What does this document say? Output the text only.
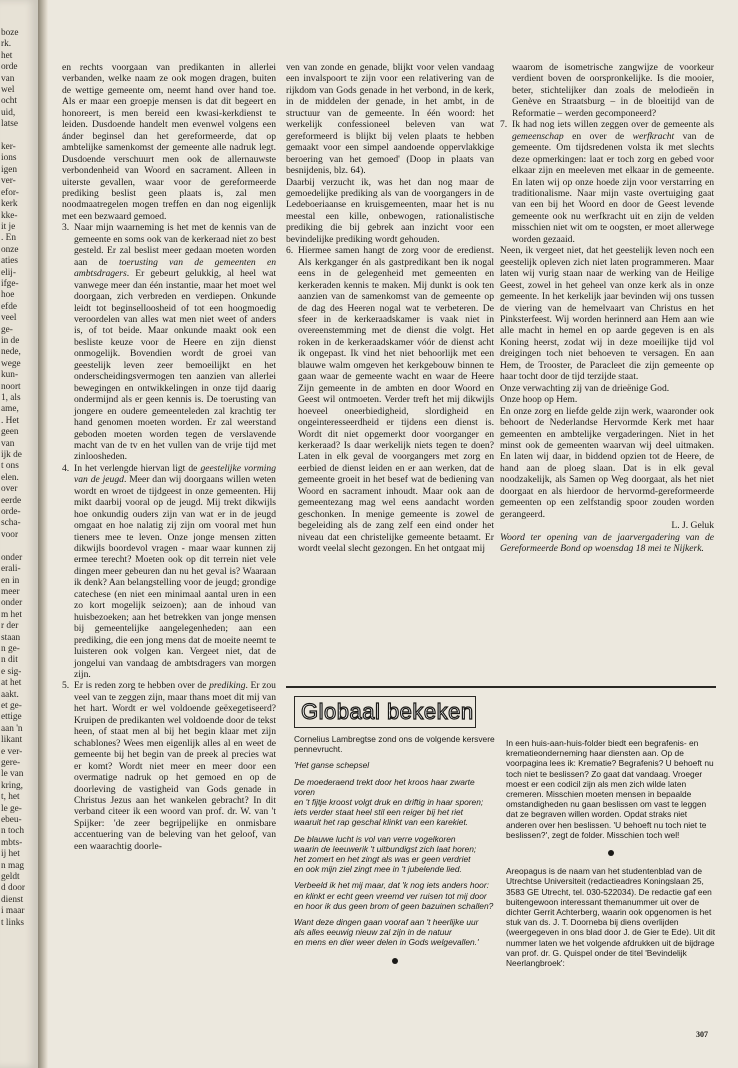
boze
rk.
het
orde
van
wel
ocht
uid,
latse

ker-
ions
igen
ver-
efor-
kerk
kke-
it je
. En
onze
aties
elij-
ifge-
hoe
efde
veel
ge-
in de
nede,
wege
kun-
noort
1, als
ame,
. Het
geen
van
ijk de
t ons
elen.
over
eerde
orde-
scha-
voor

onder
erali-
en in
meer
onder
m het
r der
staan
n ge-
n dit
e sig-
at het
aakt.
et ge-
ettige
aan 'n
likant
e ver-
gere-
le van
kring,
t, het
le ge-
ebeu-
n toch
mbts-
ij het
n mag
geldt
d door
dienst
i maar
t links

en rechts voorgaan van predikanten in allerlei verbanden, welke naam ze ook mogen dragen, buiten de wettige gemeente om, neemt hand over hand toe. Als er maar een groepje mensen is dat dit begeert en honoreert, is men bereid een kwasi-kerkdienst te leiden. Dusdoende handelt men evenwel volgens een ánder beginsel dan het gereformeerde, dat op ambtelijke samenkomst der gemeente alle nadruk legt. Dusdoende verschuurt men ook de allernauwste verbondenheid van Woord en sacrament. Alleen in uiterste gevallen, waar voor de gereformeerde prediking beslist geen plaats is, zal men noodmaatregelen mogen treffen en dan nog eigenlijk met een bezwaard gemoed.

3. Naar mijn waarneming is het met de kennis van de gemeente en soms ook van de kerkeraad niet zo best gesteld. Er zal beslist meer gedaan moeten worden aan de toerusting van de gemeenten en ambtsdragers. Er gebeurt gelukkig, al heel wat vanwege meer dan één instantie, maar het moet wel doorgaan, zich verbreden en verdiepen. Onkunde leidt tot beginselloosheid of tot een hoogmoedig veroordelen van alles wat men niet weet of anders is, of tot beide. Maar onkunde maakt ook een besliste keuze voor de Heere en zijn dienst onmogelijk. Bovendien wordt de groei van geestelijk leven zeer bemoeilijkt en het onderscheidingsvermogen ten aanzien van allerlei bewegingen en ontwikkelingen in onze tijd daarig ondermijnd als er geen kennis is. De toerusting van jongere en oudere gemeenteleden zal krachtig ter hand genomen moeten worden. Er zal weerstand geboden moeten worden tegen de verslavende macht van de tv en het vullen van de vrije tijd met zinloosheden.
4. In het verlengde hiervan ligt de geestelijke vorming van de jeugd. Meer dan wij doorgaans willen weten wordt en wroet de tijdgeest in onze gemeenten. Hij mikt daarbij vooral op de jeugd. Mij trekt dikwijls hoe onkundig ouders zijn van wat er in de jeugd omgaat en hoe nalatig zij zijn om vooral met hun tieners mee te leven. Onze jonge mensen zitten dikwijls boordevol vragen - maar waar kunnen zij ermee terecht? Moeten ook op dit terrein niet vele dingen meer gebeuren dan nu het geval is? Waaraan ik denk? Aan belangstelling voor de jeugd; grondige catechese (en niet een minimaal aantal uren in een zo kort mogelijk seizoen); aan de inhoud van huisbezoeken; aan het betrekken van jonge mensen bij gemeentelijke aangelegenheden; aan een prediking, die een jong mens dat de moeite neemt te luisteren ook volgen kan. Vergeet niet, dat de jongelui van vandaag de ambtsdragers van morgen zijn.
5. Er is reden zorg te hebben over de prediking. Er zou veel van te zeggen zijn, maar thans moet dit mij van het hart. Wordt er wel voldoende geëxegetiseerd? Kruipen de predikanten wel voldoende door de tekst heen, of staat men al bij het begin klaar met zijn schablones? Wees men eigenlijk alles al en weet de gemeente bij het begin van de preek al precies wat er komt? Wordt niet meer en meer door een overmatige nadruk op het gemoed en op de doorleving de vastigheid van Gods genade in Christus Jezus aan het wankelen gebracht? In dit verband citeer ik een woord van prof. dr. W. van 't Spijker: 'de zeer begrijpelijke en onmisbare accentuering van de beleving van het geloof, van een waarachtig doorle-

ven van zonde en genade, blijkt voor velen vandaag een invalspoort te zijn voor een relativering van de rijkdom van Gods genade in het verbond, in de kerk, in de middelen der genade, in het ambt, in de structuur van de gemeente. In één woord: het werkelijk confessioneel beleven van wat gereformeerd is blijkt bij velen plaats te hebben gemaakt voor een simpel aandoende oppervlakkige beroering van het gemoed' (Doop in plaats van besnijdenis, blz. 64).

Daarbij verzucht ik, was het dan nog maar de gemoedelijke prediking als van de voorgangers in de Ledeboeriaanse en kruisgemeenten, maar het is nu meestal een kille, onbewogen, rationalistische prediking die bij gebrek aan inzicht voor een bevindelijke prediking wordt gehouden.

6. Hiermee samen hangt de zorg voor de eredienst. Als kerkganger én als gastpredikant ben ik nogal eens in de gelegenheid met gemeenten en kerkeraden kennis te maken. Mij dunkt is ook ten aanzien van de samenkomst van de gemeente op de dag des Heeren nogal wat te verbeteren. De sfeer in de kerkeraadskamer is vaak niet in overeenstemming met de dienst die volgt. Het roken in de kerkeraadskamer vóór de dienst acht ik ongepast. Ik vind het niet behoorlijk met een blauwe walm omgeven het kerkgebouw binnen te gaan waar de gemeente wacht en waar de Heere Zijn gemeente in de ambten en door Woord en Geest wil ontmoeten. Verder treft het mij dikwijls hoeveel oneerbiedigheid, slordigheid en ongeinteresseerdheid er tijdens een dienst is. Wordt dit niet opgemerkt door voorganger en kerkeraad? Is daar werkelijk niets tegen te doen? Laten in elk geval de voorgangers met zorg en eerbied de dienst leiden en er aan werken, dat de gemeente groeit in het besef wat de bediening van Woord en sacrament inhoudt. Maar ook aan de gemeentezang mag wel eens aandacht worden geschonken. In menige gemeente is zowel de begeleiding als de zang zelf een eind onder het niveau dat een christelijke gemeente betaamt. Er wordt veelal slecht gezongen. En het ontgaat mij

waarom de isometrische zangwijze de voorkeur verdient boven de oorspronkelijke. Is die mooier, beter, stichtelijker dan zoals de melodieën in Genève en Straatsburg – in de bloeitijd van de Reformatie – werden gecomponeerd?

7. Ik had nog iets willen zeggen over de gemeente als gemeenschap en over de werfkracht van de gemeente. Om tijdsredenen volsta ik met slechts deze opmerkingen: laat er toch zorg en gebed voor elkaar zijn en meeleven met elkaar in de gemeente. En laten wij op onze hoede zijn voor verstarring en traditionalisme. Naar mijn vaste overtuiging gaat van een bij het Woord en door de Geest levende gemeente ook nu werfkracht uit en zijn de velden misschien niet wit om te oogsten, er moet allerwege worden gezaaid.

Neen, ik vergeet niet, dat het geestelijk leven noch een geestelijk opleven zich niet laten programmeren. Maar laten wij vurig staan naar de werking van de Heilige Geest, zowel in het geheel van onze kerk als in onze gemeente. In het kerkelijk jaar bevinden wij ons tussen de viering van de hemelvaart van Christus en het Pinksterfeest. Wij worden herinnerd aan Hem aan wie alle macht in hemel en op aarde gegeven is en als Koning heerst, zodat wij in deze moeilijke tijd vol dreigingen toch niet behoeven te versagen. En aan Hem, de Trooster, de Paracleet die zijn gemeente op haar tocht door de tijd terzijde staat.

Onze verwachting zij van de drieënige God.

Onze hoop op Hem.

En onze zorg en liefde gelde zijn werk, waaronder ook behoort de Nederlandse Hervormde Kerk met haar gemeenten en ambtelijke vergaderingen. Niet in het minst ook de gemeenten waarvan wij deel uitmaken. En laten wij daar, in biddend opzien tot de Heere, de hand aan de ploeg slaan. Dat is in elk geval noodzakelijk, als Samen op Weg doorgaat, als het niet doorgaat en als hierdoor de hervormd-gereformeerde gemeenten op een zelfstandig spoor zouden worden gerangeerd.

L. J. Geluk

Woord ter opening van de jaarvergadering van de Gereformeerde Bond op woensdag 18 mei te Nijkerk.

Globaal bekeken

Cornelius Lambregtse zond ons de volgende kersvere pennevrucht.

'Het ganse schepsel

De moederaend trekt door het kroos haar zwarte voren
en 't fijtje kroost volgt druk en driftig in haar sporen;
iets verder staat heel stil een reiger bij het riet
waaruit het rap geschal klinkt van een karekiet.

De blauwe lucht is vol van verre vogelkoren
waarin de leeuwerik 't uitbundigst zich laat horen;
het zomert en het zingt als was er geen verdriet
en ook mijn ziel zingt mee in 't jubelende lied.

Verbeeld ik het mij maar, dat 'k nog iets anders hoor:
en klinkt er echt geen vreemd ver ruisen tot mij door
en hoor ik dus geen brom of geen bazuinen schallen?

Want deze dingen gaan vooraf aan 't heerlijke uur
als alles eeuwig nieuw zal zijn in de natuur
en mens en dier weer delen in Gods welgevallen.'

In een huis-aan-huis-folder biedt een begrafenis- en krematieonderneming haar diensten aan. Op de voorpagina lees ik: Krematie? Begrafenis? U behoeft nu toch niet te beslissen? Zo gaat dat vandaag. Vroeger moest er een codicil zijn als men zich wilde laten cremeren. Misschien moeten mensen in bepaalde omstandigheden nu gaan beslissen om vast te leggen dat ze begraven willen worden. Opdat straks niet anderen over hen beslissen. 'U behoeft nu toch niet te beslissen?', zegt de folder. Misschien toch wel!

Areopagus is de naam van het studentenblad van de Utrechtse Universiteit (redactieadres Koningslaan 25, 3583 GE Utrecht, tel. 030-522034). De redactie gaf een buitengewoon interessant themanummer uit over de dichter Gerrit Achterberg, waarin ook opgenomen is het stuk van ds. J. T. Doorneba bij diens overlijden (weergegeven in ons blad door J. de Gier te Ede). Uit dit nummer laten we het volgende afdrukken uit de bijdrage van prof. dr. G. Quispel onder de titel 'Bevindelijk Neerlangbroek':

307
